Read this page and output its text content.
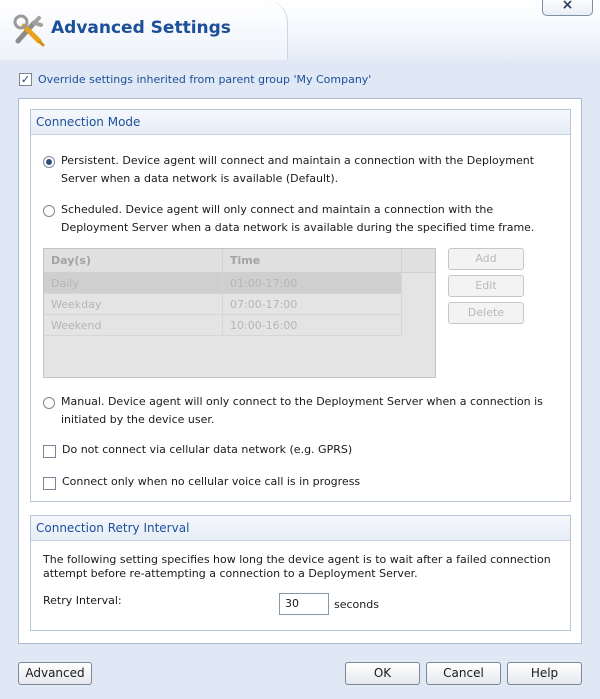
Advanced Settings
×
✓ Override settings inherited from parent group 'My Company'
Connection Mode
Persistent. Device agent will connect and maintain a connection with the Deployment Server when a data network is available (Default).
Scheduled. Device agent will only connect and maintain a connection with the Deployment Server when a data network is available during the specified time frame.
Day(s)	Time
Daily	01:00-17:00
Weekday	07:00-17:00
Weekend	10:00-16:00
Add
Edit
Delete
Manual. Device agent will only connect to the Deployment Server when a connection is initiated by the device user.
Do not connect via cellular data network (e.g. GPRS)
Connect only when no cellular voice call is in progress
Connection Retry Interval
The following setting specifies how long the device agent is to wait after a failed connection attempt before re-attempting a connection to a Deployment Server.
Retry Interval:	30	seconds
Advanced	OK	Cancel	Help
